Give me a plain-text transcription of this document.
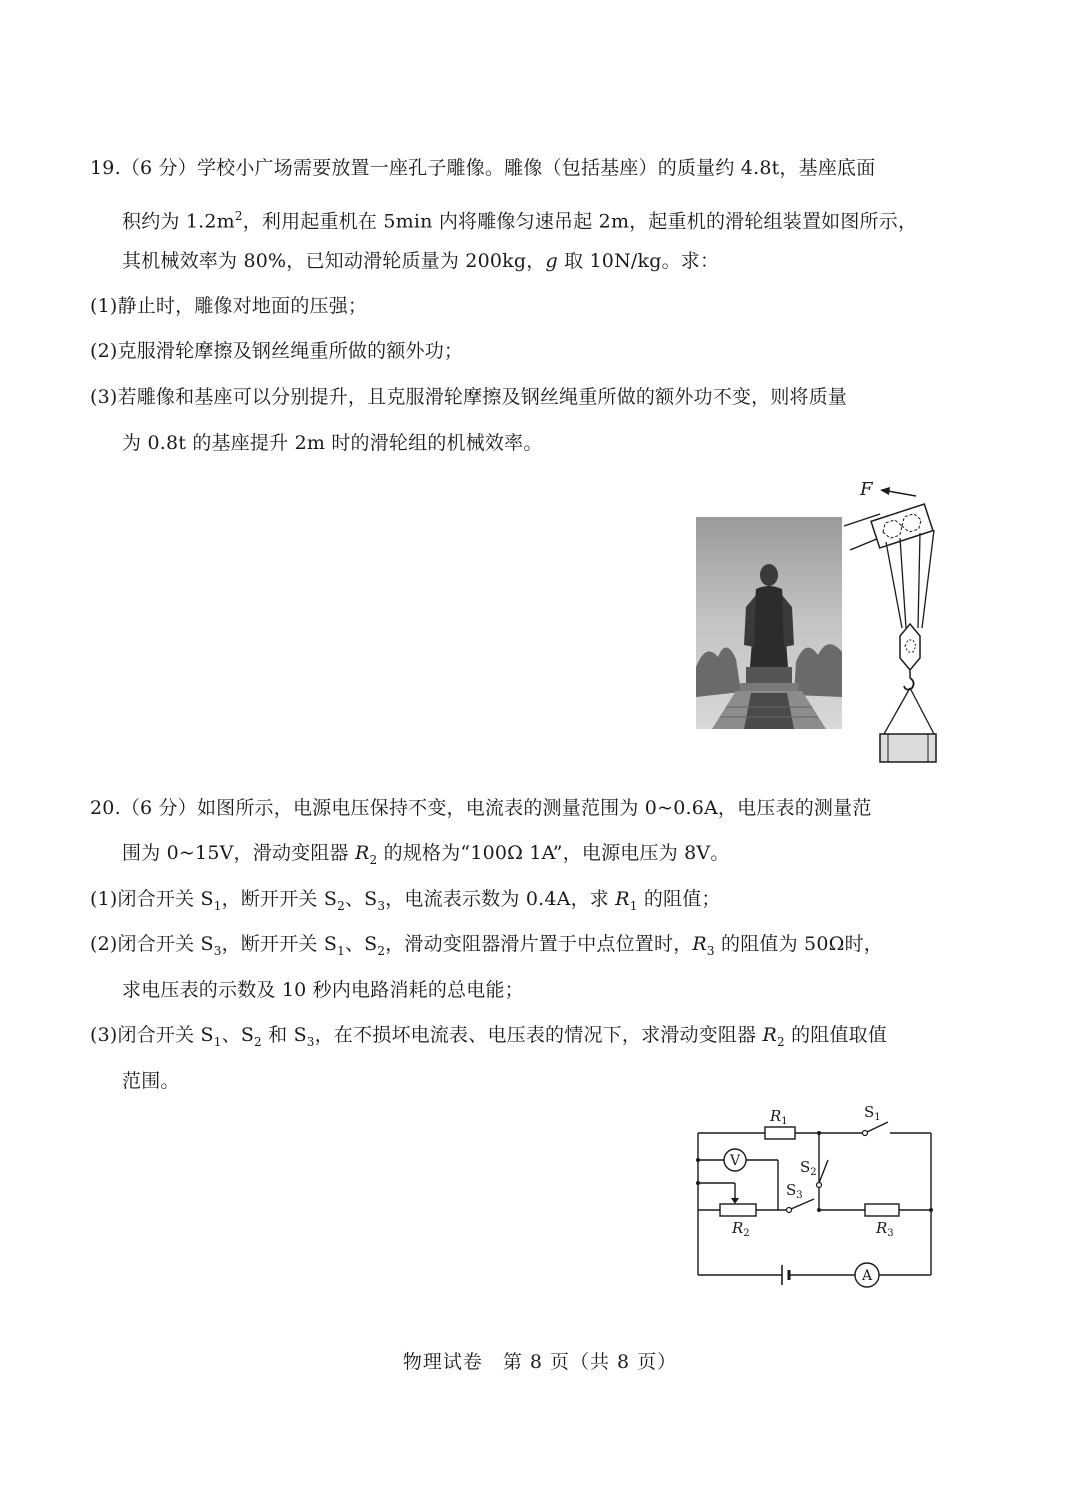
19.（6 分）学校小广场需要放置一座孔子雕像。雕像（包括基座）的质量约 4.8t，基座底面
积约为 $1.2m^2$，利用起重机在 5min 内将雕像匀速吊起 2m，起重机的滑轮组装置如图所示，
其机械效率为 80%，已知动滑轮质量为 200kg，g 取 10N/kg。求：
(1)静止时，雕像对地面的压强；
(2)克服滑轮摩擦及钢丝绳重所做的额外功；
(3)若雕像和基座可以分别提升，且克服滑轮摩擦及钢丝绳重所做的额外功不变，则将质量
为 0.8t 的基座提升 2m 时的滑轮组的机械效率。
F
20.（6 分）如图所示，电源电压保持不变，电流表的测量范围为 0~0.6A，电压表的测量范
围为 0~15V，滑动变阻器 $R_2$ 的规格为“100Ω 1A”，电源电压为 8V。
(1)闭合开关 $S_1$，断开开关 $S_2$、$S_3$，电流表示数为 0.4A，求 $R_1$ 的阻值；
(2)闭合开关 $S_3$，断开开关 $S_1$、$S_2$，滑动变阻器滑片置于中点位置时，$R_3$ 的阻值为 50Ω时，
求电压表的示数及 10 秒内电路消耗的总电能；
(3)闭合开关 $S_1$、$S_2$ 和 $S_3$，在不损坏电流表、电压表的情况下，求滑动变阻器 $R_2$ 的阻值取值
范围。
A
V
$R_1$
$R_2$	$R_3$
$S_1$
$S_2$
$S_3$
物理试卷　第 8 页（共 8 页）
